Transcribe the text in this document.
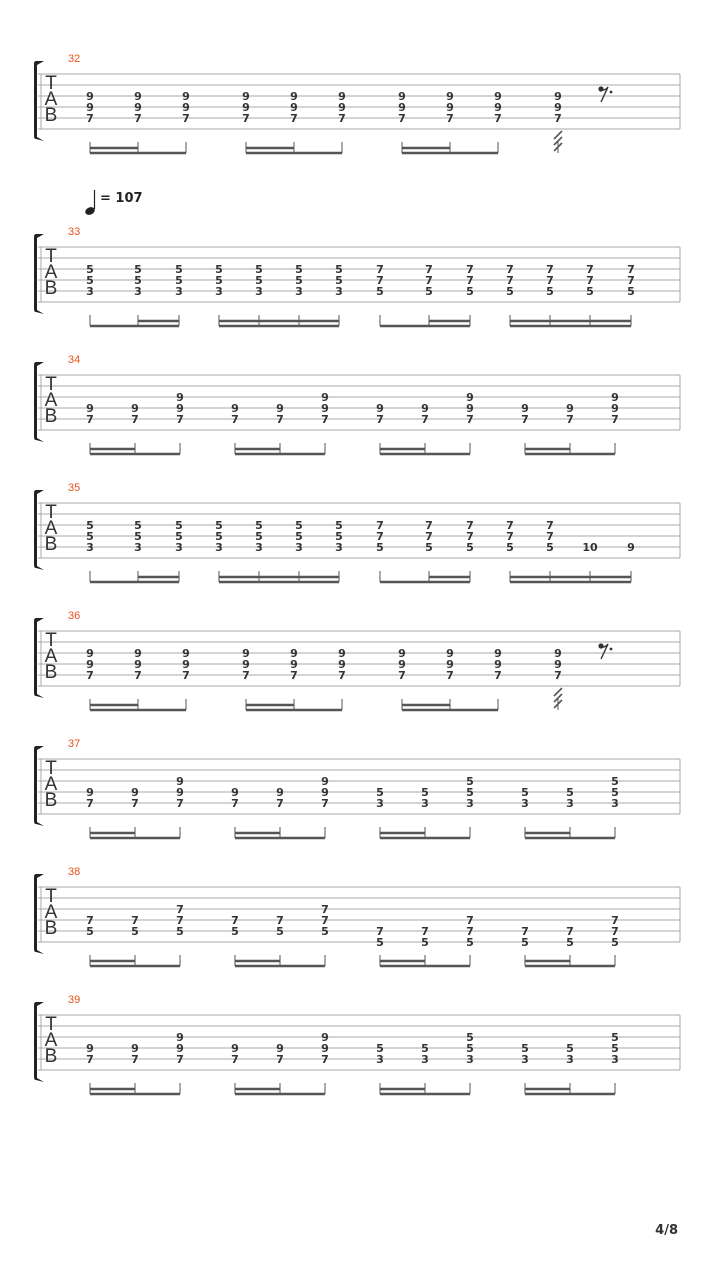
32
T
A
B
9
9
7
9
9
7
9
9
7
9
9
7
9
9
7
9
9
7
9
9
7
9
9
7
9
9
7
9
9
7
33
T
A
B
5
5
3
5
5
3
5
5
3
5
5
3
5
5
3
5
5
3
5
5
3
7
7
5
7
7
5
7
7
5
7
7
5
7
7
5
7
7
5
7
7
5
34
T
A
B	9
7
9
7
9
9
7
9
7
9
7
9
9
7
9
7
9
7
9
9
7
9
7
9
7
9
9
7
35
T
A
B
5
5
3
5
5
3
5
5
3
5
5
3
5
5
3
5
5
3
5
5
3
7
7
5
7
7
5
7
7
5
7
7
5
7
7
5	10	9
36
T
A
B
9
9
7
9
9
7
9
9
7
9
9
7
9
9
7
9
9
7
9
9
7
9
9
7
9
9
7
9
9
7
37
T
A
B	9
7
9
7
9
9
7
9
7
9
7
9
9
7
5
3
5
3
5
5
3
5
3
5
3
5
5
3
38
T
A
B	7
5
7
5
7
7
5
7
5
7
5
7
7
5	7
5
7
5
7
7
5
7
5
7
5
7
7
5
39
T
A
B	9
7
9
7
9
9
7
9
7
9
7
9
9
7
5
3
5
3
5
5
3
5
3
5
3
5
5
3
= 107
4/8
